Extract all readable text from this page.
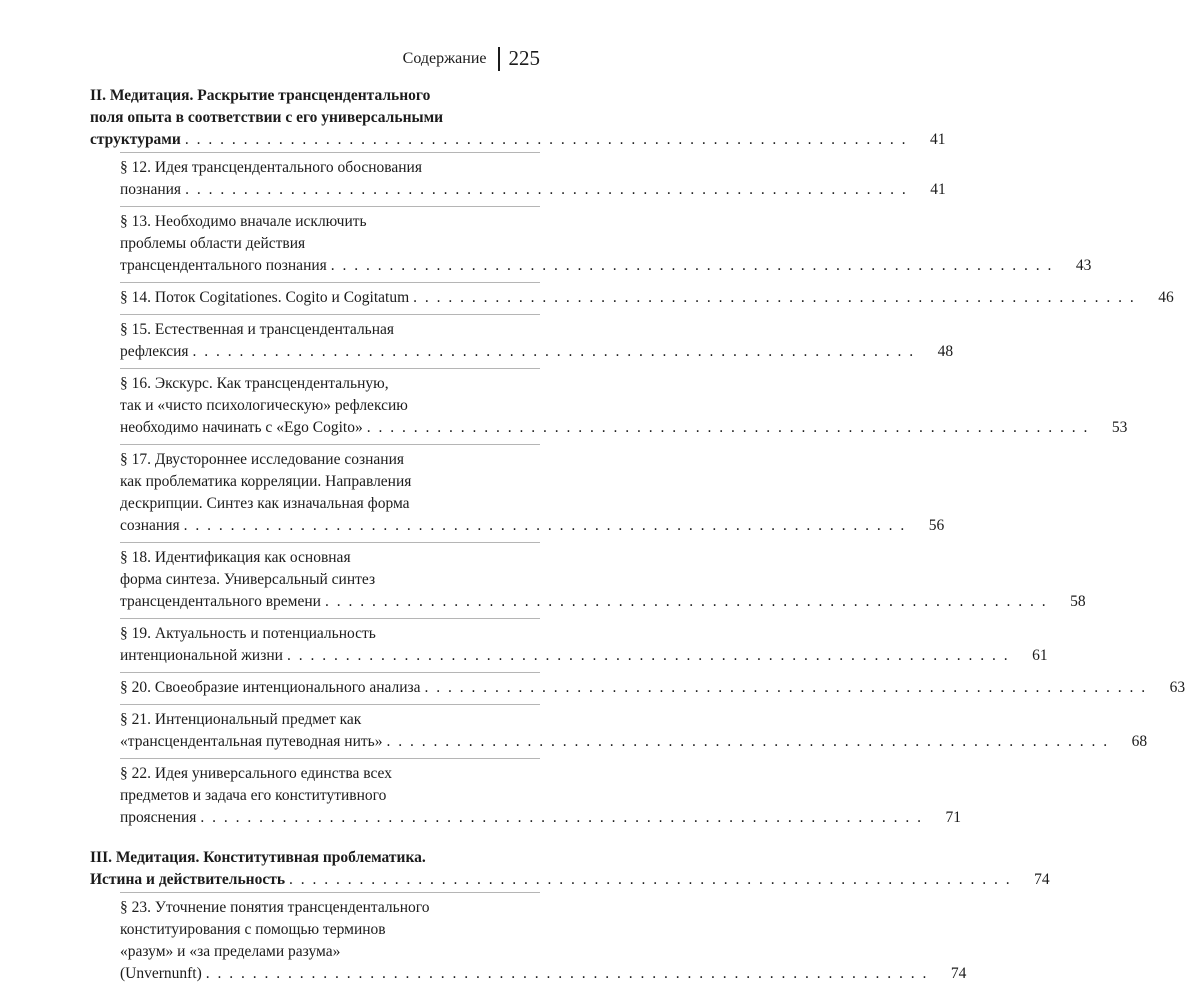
Содержание 225
II. Медитация. Раскрытие трансцендентального
поля опыта в соответствии с его универсальными
структурами . . . . . . . . . . . . . . . . . . . . . . . . . . . . . . . . . . . . . . . . . . . . . . . . . . . . . . . . . . . . . .	41
§ 12. Идея трансцендентального обоснования
познания . . . . . . . . . . . . . . . . . . . . . . . . . . . . . . . . . . . . . . . . . . . . . . . . . . . . . . . . . . . . . .	41
§ 13. Необходимо вначале исключить
проблемы области действия
трансцендентального познания . . . . . . . . . . . . . . . . . . . . . . . . . . . . . . . . . . . . . . . . . . . . . . . . . . . . . . . . . . . . . .	43
§ 14. Поток Cogitationes. Cogito и Cogitatum . . . . . . . . . . . . . . . . . . . . . . . . . . . . . . . . . . . . . . . . . . . . . . . . . . . . . . . . . . . . . .	46
§ 15. Естественная и трансцендентальная
рефлексия . . . . . . . . . . . . . . . . . . . . . . . . . . . . . . . . . . . . . . . . . . . . . . . . . . . . . . . . . . . . . .	48
§ 16. Экскурс. Как трансцендентальную,
так и «чисто психологическую» рефлексию
необходимо начинать с «Ego Cogito» . . . . . . . . . . . . . . . . . . . . . . . . . . . . . . . . . . . . . . . . . . . . . . . . . . . . . . . . . . . . . .	53
§ 17. Двустороннее исследование сознания
как проблематика корреляции. Направления
дескрипции. Синтез как изначальная форма
сознания . . . . . . . . . . . . . . . . . . . . . . . . . . . . . . . . . . . . . . . . . . . . . . . . . . . . . . . . . . . . . .	56
§ 18. Идентификация как основная
форма синтеза. Универсальный синтез
трансцендентального времени . . . . . . . . . . . . . . . . . . . . . . . . . . . . . . . . . . . . . . . . . . . . . . . . . . . . . . . . . . . . . .	58
§ 19. Актуальность и потенциальность
интенциональной жизни . . . . . . . . . . . . . . . . . . . . . . . . . . . . . . . . . . . . . . . . . . . . . . . . . . . . . . . . . . . . . .	61
§ 20. Своеобразие интенционального анализа . . . . . . . . . . . . . . . . . . . . . . . . . . . . . . . . . . . . . . . . . . . . . . . . . . . . . . . . . . . . . .	63
§ 21. Интенциональный предмет как
«трансцендентальная путеводная нить» . . . . . . . . . . . . . . . . . . . . . . . . . . . . . . . . . . . . . . . . . . . . . . . . . . . . . . . . . . . . . .	68
§ 22. Идея универсального единства всех
предметов и задача его конститутивного
прояснения . . . . . . . . . . . . . . . . . . . . . . . . . . . . . . . . . . . . . . . . . . . . . . . . . . . . . . . . . . . . . .	71
III. Медитация. Конститутивная проблематика.
Истина и действительность . . . . . . . . . . . . . . . . . . . . . . . . . . . . . . . . . . . . . . . . . . . . . . . . . . . . . . . . . . . . . .	74
§ 23. Уточнение понятия трансцендентального
конституирования с помощью терминов
«разум» и «за пределами разума»
(Unvernunft) . . . . . . . . . . . . . . . . . . . . . . . . . . . . . . . . . . . . . . . . . . . . . . . . . . . . . . . . . . . . . .	74
